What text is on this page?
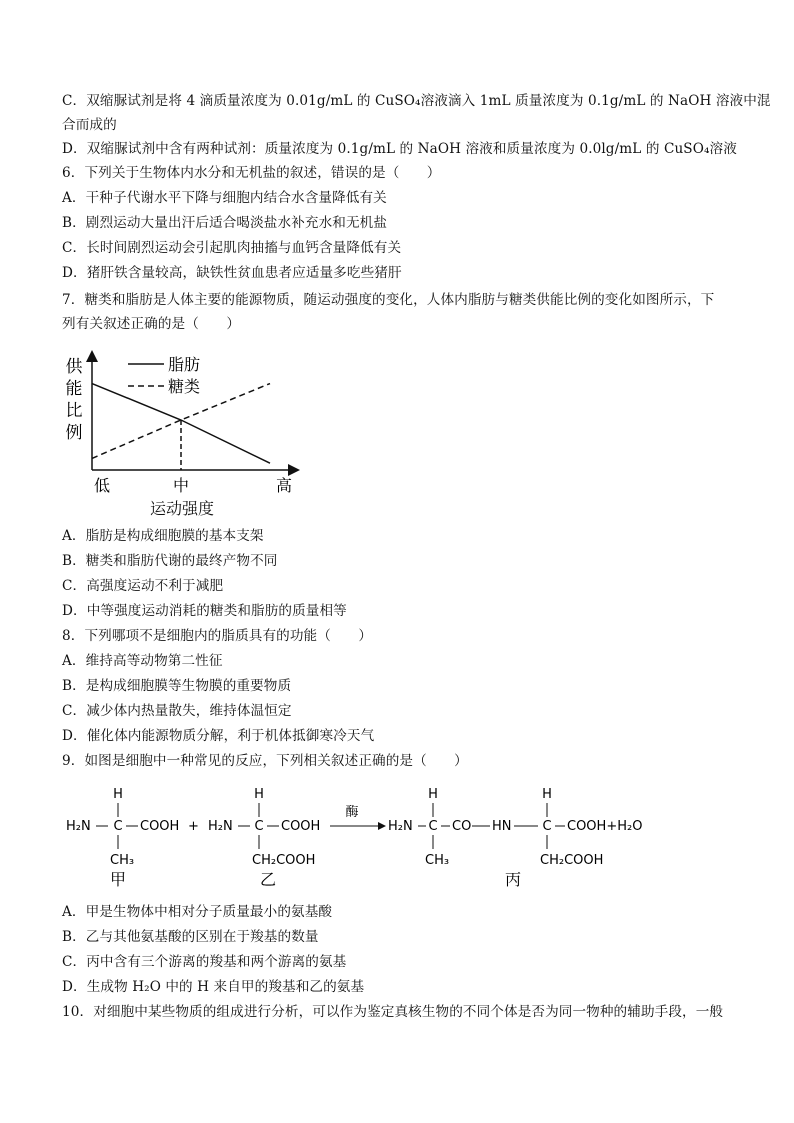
C．双缩脲试剂是将 4 滴质量浓度为 0.01g/mL 的 CuSO₄溶液滴入 1mL 质量浓度为 0.1g/mL 的 NaOH 溶液中混
合而成的
D．双缩脲试剂中含有两种试剂：质量浓度为 0.1g/mL 的 NaOH 溶液和质量浓度为 0.0lg/mL 的 CuSO₄溶液
6．下列关于生物体内水分和无机盐的叙述，错误的是（　　）
A．干种子代谢水平下降与细胞内结合水含量降低有关
B．剧烈运动大量出汗后适合喝淡盐水补充水和无机盐
C．长时间剧烈运动会引起肌肉抽搐与血钙含量降低有关
D．猪肝铁含量较高，缺铁性贫血患者应适量多吃些猪肝
7．糖类和脂肪是人体主要的能源物质，随运动强度的变化，人体内脂肪与糖类供能比例的变化如图所示，下
列有关叙述正确的是（　　）
供
能
比
例
脂肪
糖类
低	中	高
运动强度
A．脂肪是构成细胞膜的基本支架
B．糖类和脂肪代谢的最终产物不同
C．高强度运动不利于减肥
D．中等强度运动消耗的糖类和脂肪的质量相等
8．下列哪项不是细胞内的脂质具有的功能（　　）
A．维持高等动物第二性征
B．是构成细胞膜等生物膜的重要物质
C．减少体内热量散失，维持体温恒定
D．催化体内能源物质分解，利于机体抵御寒冷天气
9．如图是细胞中一种常见的反应，下列相关叙述正确的是（　　）
H
H₂N C COOH
CH₃
甲
+
H
H₂N C COOH
CH₂COOH
乙
酶
H₂N
H
C CO HN
CH₃
H
C COOH+H₂O
CH₂COOH
丙
A．甲是生物体中相对分子质量最小的氨基酸
B．乙与其他氨基酸的区别在于羧基的数量
C．丙中含有三个游离的羧基和两个游离的氨基
D．生成物 H₂O 中的 H 来自甲的羧基和乙的氨基
10．对细胞中某些物质的组成进行分析，可以作为鉴定真核生物的不同个体是否为同一物种的辅助手段，一般
